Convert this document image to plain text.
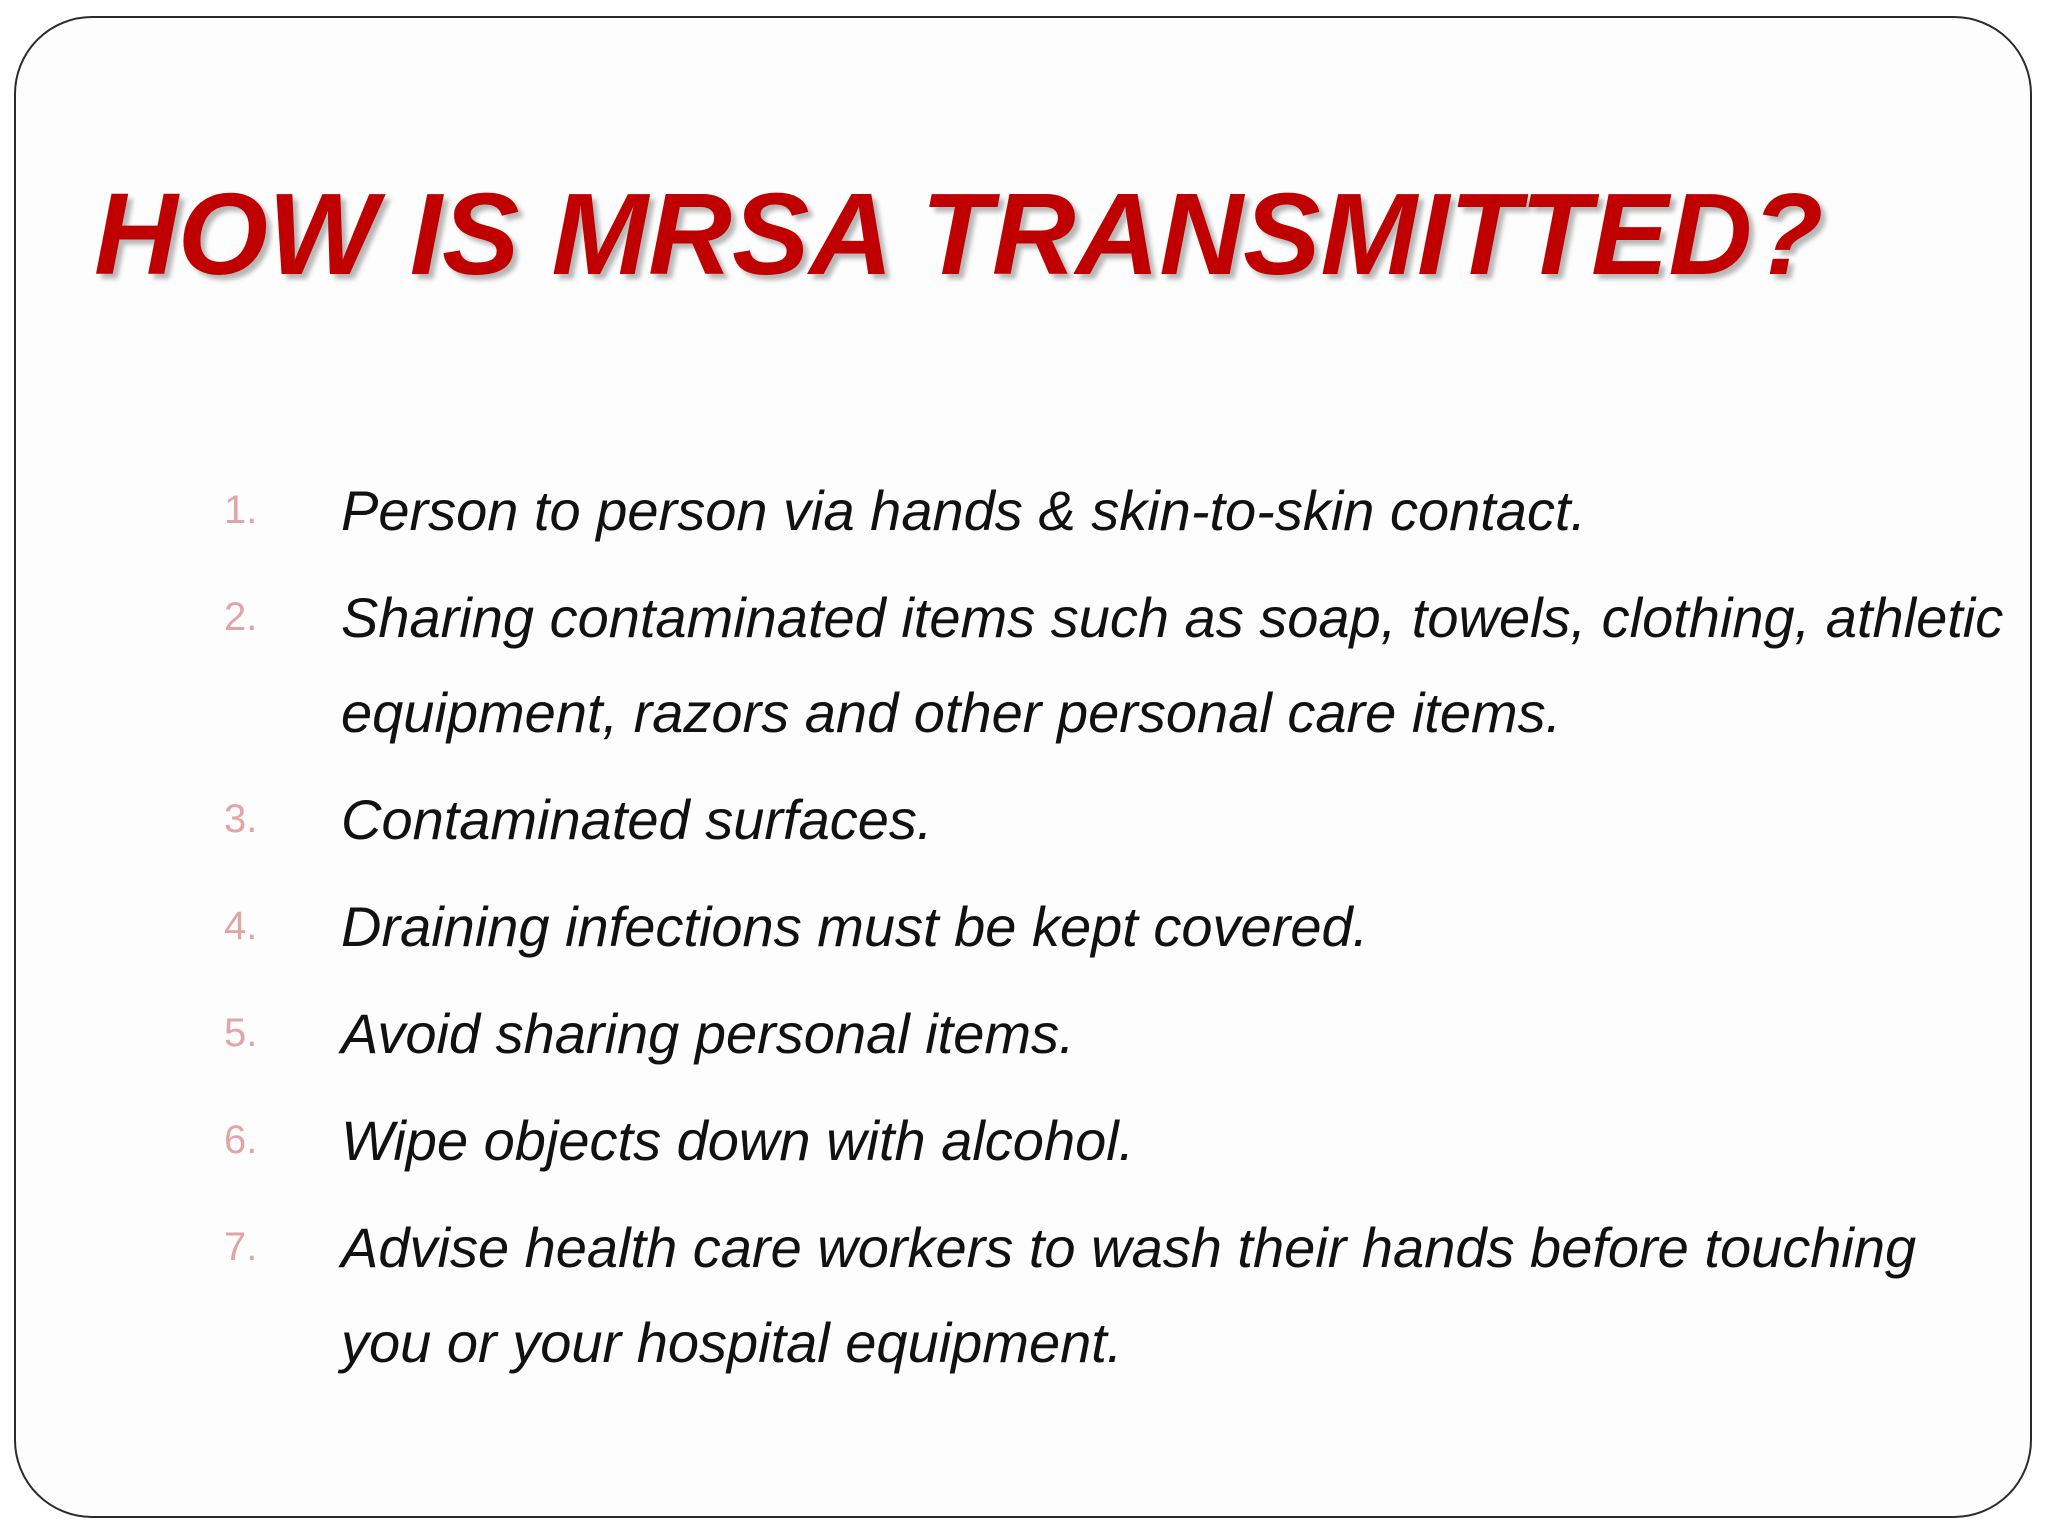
HOW IS MRSA TRANSMITTED?
1.	Person to person via hands & skin-to-skin contact.
2.	Sharing contaminated items such as soap, towels, clothing, athletic equipment, razors and other personal care items.
3.	Contaminated surfaces.
4.	Draining infections must be kept covered.
5.	Avoid sharing personal items.
6.	Wipe objects down with alcohol.
7.	Advise health care workers to wash their hands before touching you or your hospital equipment.
